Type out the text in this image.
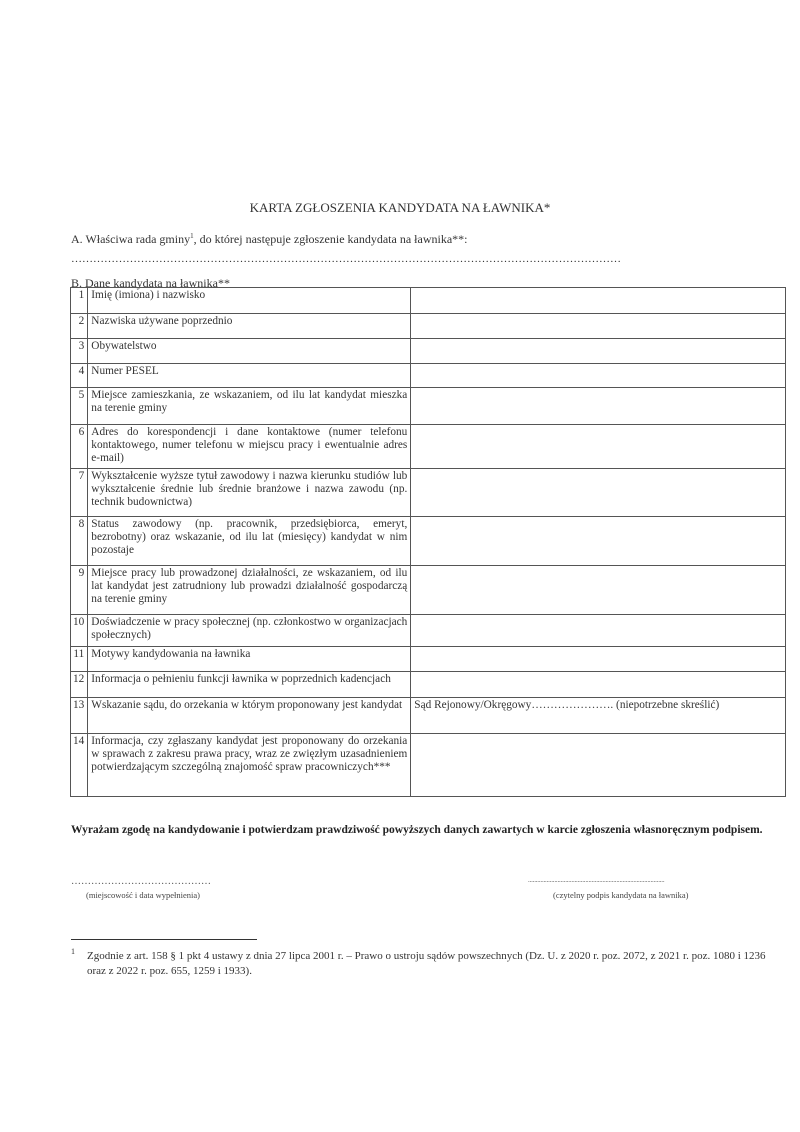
KARTA ZGŁOSZENIA KANDYDATA NA ŁAWNIKA*
A. Właściwa rada gminy$^1$, do której następuje zgłoszenie kandydata na ławnika**:
……………………………………………………………………………………………………………………………………
B. Dane kandydata na ławnika**
1	Imię (imiona) i nazwisko	
2	Nazwiska używane poprzednio	
3	Obywatelstwo	
4	Numer PESEL	
5	Miejsce zamieszkania, ze wskazaniem, od ilu lat kandydat mieszka na terenie gminy	
6	Adres do korespondencji i dane kontaktowe (numer telefonu kontaktowego, numer telefonu w miejscu pracy i ewentualnie adres e-mail)	
7	Wykształcenie wyższe tytuł zawodowy i nazwa kierunku studiów lub wykształcenie średnie lub średnie branżowe i nazwa zawodu (np. technik budownictwa)	
8	Status zawodowy (np. pracownik, przedsiębiorca, emeryt, bezrobotny) oraz wskazanie, od ilu lat (miesięcy) kandydat w nim pozostaje	
9	Miejsce pracy lub prowadzonej działalności, ze wskazaniem, od ilu lat kandydat jest zatrudniony lub prowadzi działalność gospodarczą na terenie gminy	
10	Doświadczenie w pracy społecznej (np. członkostwo w organizacjach społecznych)	
11	Motywy kandydowania na ławnika	
12	Informacja o pełnieniu funkcji ławnika w poprzednich kadencjach	
13	Wskazanie sądu, do orzekania w którym proponowany jest kandydat	Sąd Rejonowy/Okręgowy…………………. (niepotrzebne skreślić)
14	Informacja, czy zgłaszany kandydat jest proponowany do orzekania w sprawach z zakresu prawa pracy, wraz ze zwięzłym uzasadnieniem potwierdzającym szczególną znajomość spraw pracowniczych***	
Wyrażam zgodę na kandydowanie i potwierdzam prawdziwość powyższych danych zawartych w karcie zgłoszenia własnoręcznym podpisem.
……………………………………
(miejscowość i data wypełnienia)
........................................................................................
(czytelny podpis kandydata na ławnika)
1 Zgodnie z art. 158 § 1 pkt 4 ustawy z dnia 27 lipca 2001 r. – Prawo o ustroju sądów powszechnych (Dz. U. z 2020 r. poz. 2072, z 2021 r. poz. 1080 i 1236 oraz z 2022 r. poz. 655, 1259 i 1933).
